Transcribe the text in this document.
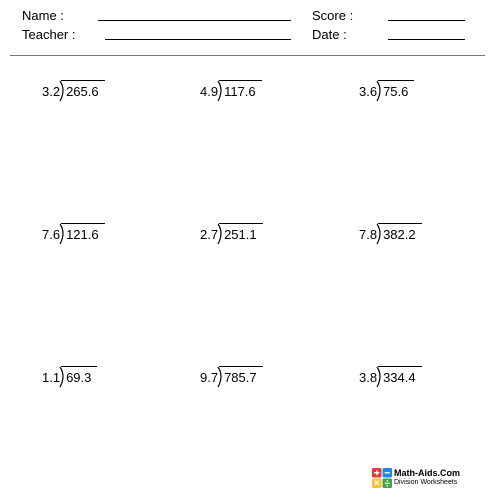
Name :	Score :
Teacher :	Date :
3.2 265.6	4.9 117.6	3.6 75.6
7.6 121.6	2.7 251.1	7.8 382.2
1.1 69.3	9.7 785.7	3.8 334.4
Math-Aids.Com
Division Worksheets
